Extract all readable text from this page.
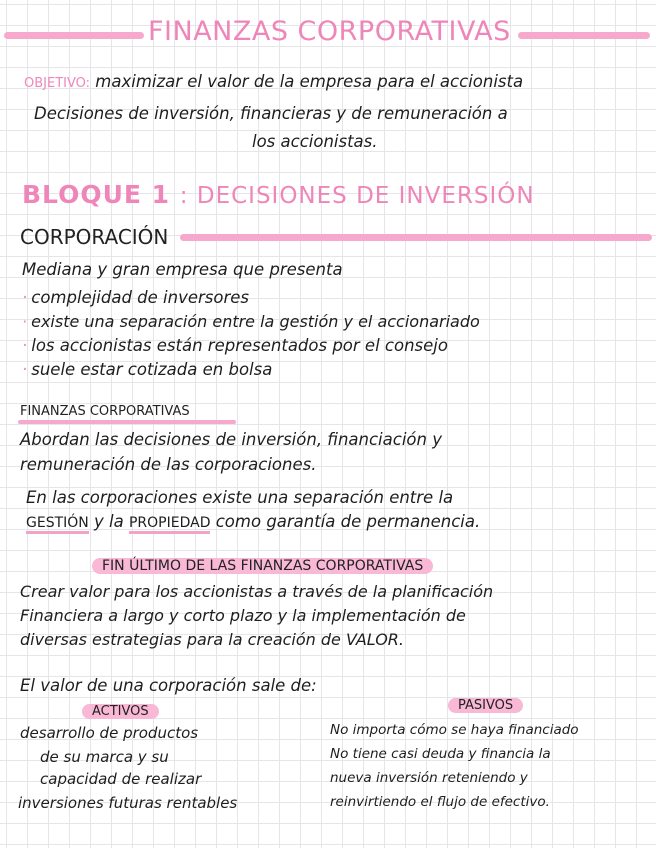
FINANZAS CORPORATIVAS
OBJETIVO: maximizar el valor de la empresa para el accionista
Decisiones de inversión, financieras y de remuneración a
los accionistas.
BLOQUE 1 : DECISIONES DE INVERSIÓN
CORPORACIÓN
Mediana y gran empresa que presenta
· complejidad de inversores
· existe una separación entre la gestión y el accionariado
· los accionistas están representados por el consejo
· suele estar cotizada en bolsa
FINANZAS CORPORATIVAS
Abordan las decisiones de inversión, financiación y
remuneración de las corporaciones.
En las corporaciones existe una separación entre la
GESTIÓN y la PROPIEDAD como garantía de permanencia.
FIN ÚLTIMO DE LAS FINANZAS CORPORATIVAS
Crear valor para los accionistas a través de la planificación
Financiera a largo y corto plazo y la implementación de
diversas estrategias para la creación de VALOR.
El valor de una corporación sale de:
ACTIVOS
desarrollo de productos
de su marca y su
capacidad de realizar
inversiones futuras rentables
PASIVOS
No importa cómo se haya financiado
No tiene casi deuda y financia la
nueva inversión reteniendo y
reinvirtiendo el flujo de efectivo.
